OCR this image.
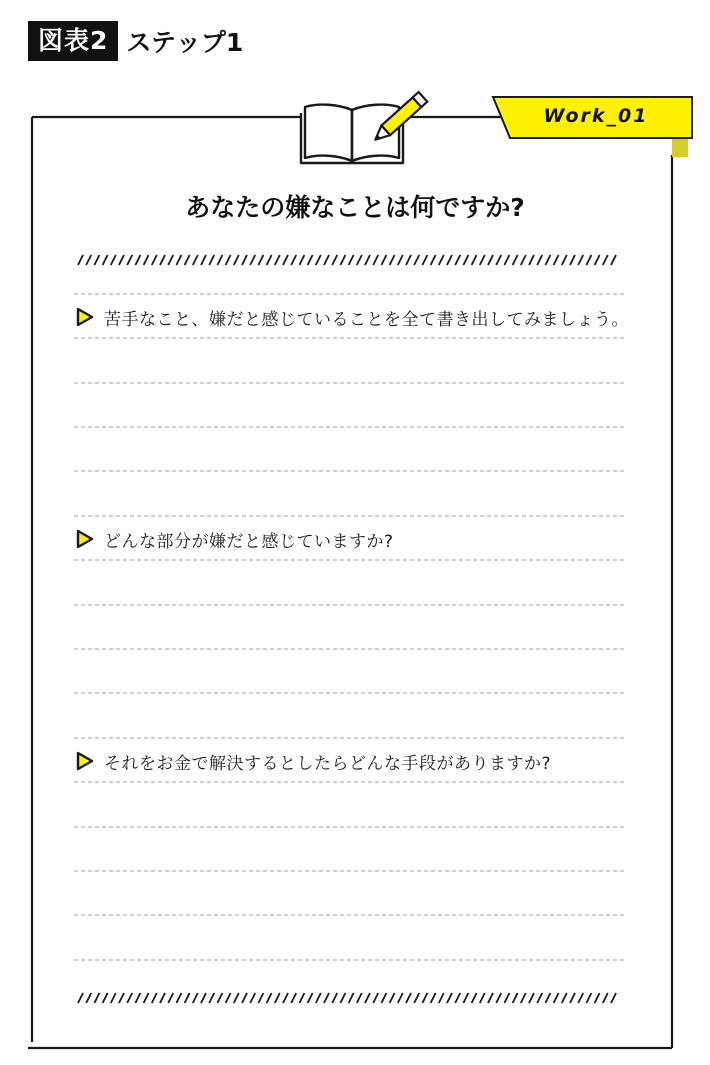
図表2 ステップ1
Work_01
あなたの嫌なことは何ですか?
苦手なこと、嫌だと感じていることを全て書き出してみましょう。
どんな部分が嫌だと感じていますか?
それをお金で解決するとしたらどんな手段がありますか?
